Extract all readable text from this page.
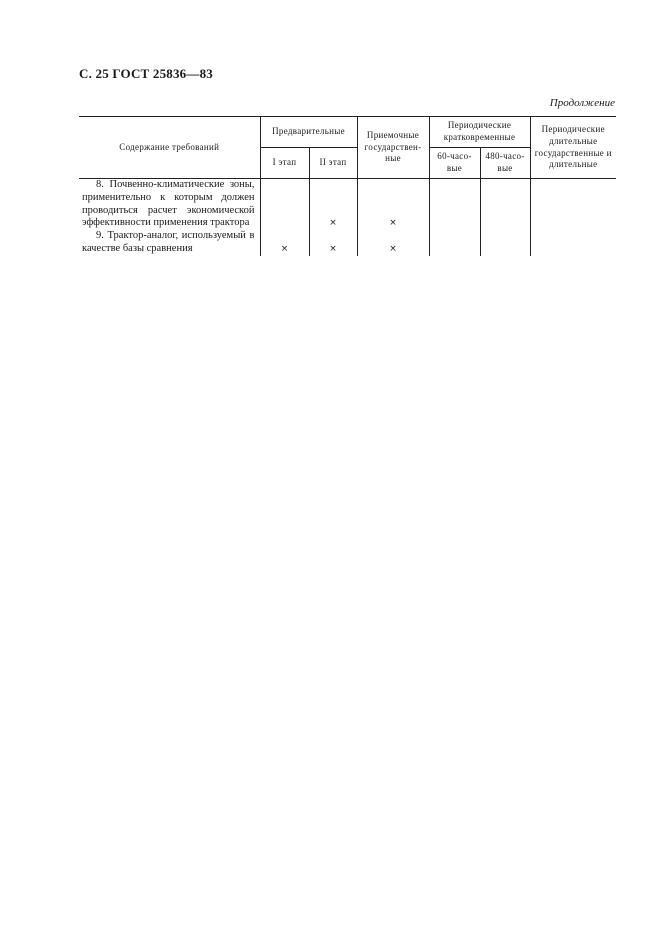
С. 25 ГОСТ 25836—83
Продолжение
Содержание требований	Предварительные		Приемочные государствен-ные	Периодические кратковременные		Периодические длительные государственные и длительные
	I этап	II этап		60-часо-вые	480-часо-вые	

8. Почвенно-климатические зоны, применительно к которым должен проводиться расчет экономической эффективности применения трактора		×	×			

9. Трактор-аналог, используемый в качестве базы сравнения	×	×	×			
